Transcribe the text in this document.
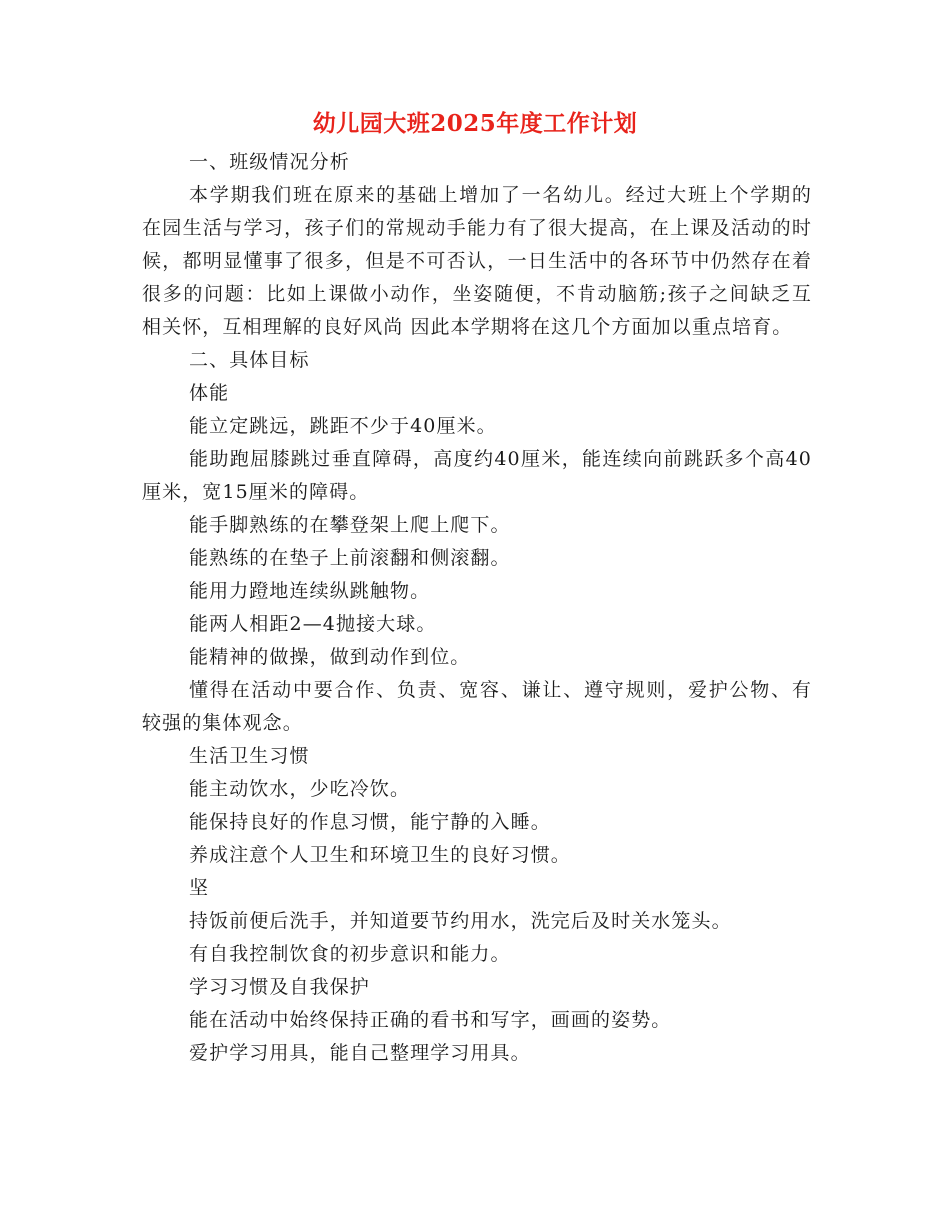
幼儿园大班2025年度工作计划

一、班级情况分析

本学期我们班在原来的基础上增加了一名幼儿。经过大班上个学期的在园生活与学习，孩子们的常规动手能力有了很大提高，在上课及活动的时候，都明显懂事了很多，但是不可否认，一日生活中的各环节中仍然存在着很多的问题：比如上课做小动作，坐姿随便，不肯动脑筋;孩子之间缺乏互相关怀，互相理解的良好风尚 因此本学期将在这几个方面加以重点培育。

二、具体目标

体能

能立定跳远，跳距不少于40厘米。

能助跑屈膝跳过垂直障碍，高度约40厘米，能连续向前跳跃多个高40厘米，宽15厘米的障碍。

能手脚熟练的在攀登架上爬上爬下。

能熟练的在垫子上前滚翻和侧滚翻。

能用力蹬地连续纵跳触物。

能两人相距2—4抛接大球。

能精神的做操，做到动作到位。

懂得在活动中要合作、负责、宽容、谦让、遵守规则，爱护公物、有较强的集体观念。

生活卫生习惯

能主动饮水，少吃冷饮。

能保持良好的作息习惯，能宁静的入睡。

养成注意个人卫生和环境卫生的良好习惯。

坚

持饭前便后洗手，并知道要节约用水，洗完后及时关水笼头。

有自我控制饮食的初步意识和能力。

学习习惯及自我保护

能在活动中始终保持正确的看书和写字，画画的姿势。

爱护学习用具，能自己整理学习用具。
